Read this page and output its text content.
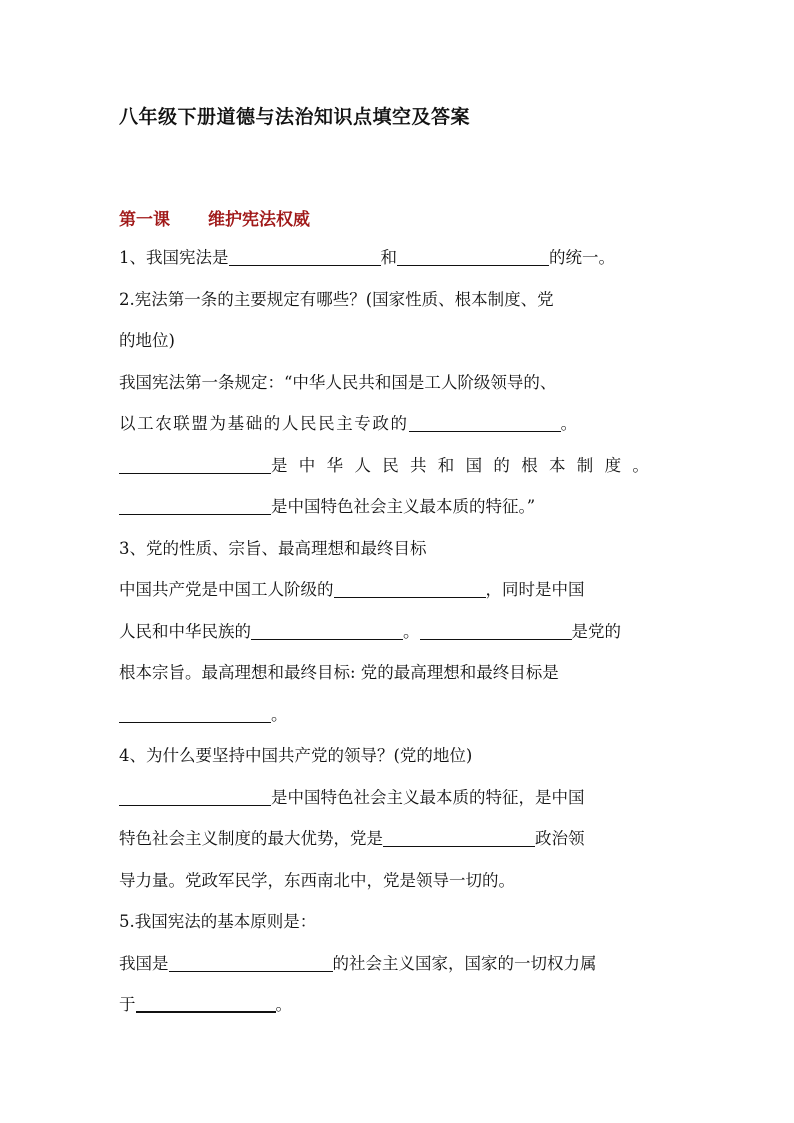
八年级下册道德与法治知识点填空及答案
第一课 维护宪法权威
1、我国宪法是	和	的统一。
2.宪法第一条的主要规定有哪些？(国家性质、根本制度、党
的地位)
我国宪法第一条规定：“中华人民共和国是工人阶级领导的、
以工农联盟为基础的人民民主专政的	。
是中华人民共和国的根本制度。
是中国特色社会主义最本质的特征。”
3、党的性质、宗旨、最高理想和最终目标
中国共产党是中国工人阶级的	，同时是中国
人民和中华民族的	。	是党的
根本宗旨。最高理想和最终目标: 党的最高理想和最终目标是
。
4、为什么要坚持中国共产党的领导？(党的地位)
是中国特色社会主义最本质的特征，是中国
特色社会主义制度的最大优势，党是	政治领
导力量。党政军民学，东西南北中，党是领导一切的。
5.我国宪法的基本原则是：
我国是	的社会主义国家，国家的一切权力属
于	。
